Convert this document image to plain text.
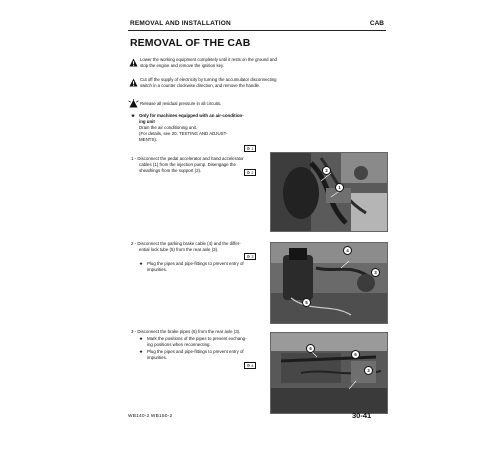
REMOVAL AND INSTALLATION	CAB
REMOVAL OF THE CAB
Lower the working equipment completely until it rests on the ground and stop the engine and remove the ignition key.
Cut off the supply of electricity by turning the accumulator disconnecting switch in a counter clockwise direction, and remove the handle.
Release all residual pressure in all circuits.
★ Only for machines equipped with an air-condition-
ing unit
Drain the air conditioning unit.
(For details, see 20. TESTING AND ADJUST-
MENTS).
⚙ 1
1 - Disconnect the pedal accelerator and hand accelerator
cables (1) from the injection pump. Disengage the
sheathings from the support (2).	⚙ 2	2
1
2 - Disconnect the parking brake cable (4) and the differ-
ential lock tube (5) from the rear axle (3).
⚙ 3
★ Plug the pipes and pipe-fittings to prevent entry of
impurities.
4
3
5
3 - Disconnect the brake pipes (6) from the rear axle (3).
★ Mark the positions of the pipes to prevent exchang-
ing positions when reconnecting.
★ Plug the pipes and pipe-fittings to prevent entry of
impurities.
⚙ 4
6
6
3
WB140-2 WB150-2	30-41
